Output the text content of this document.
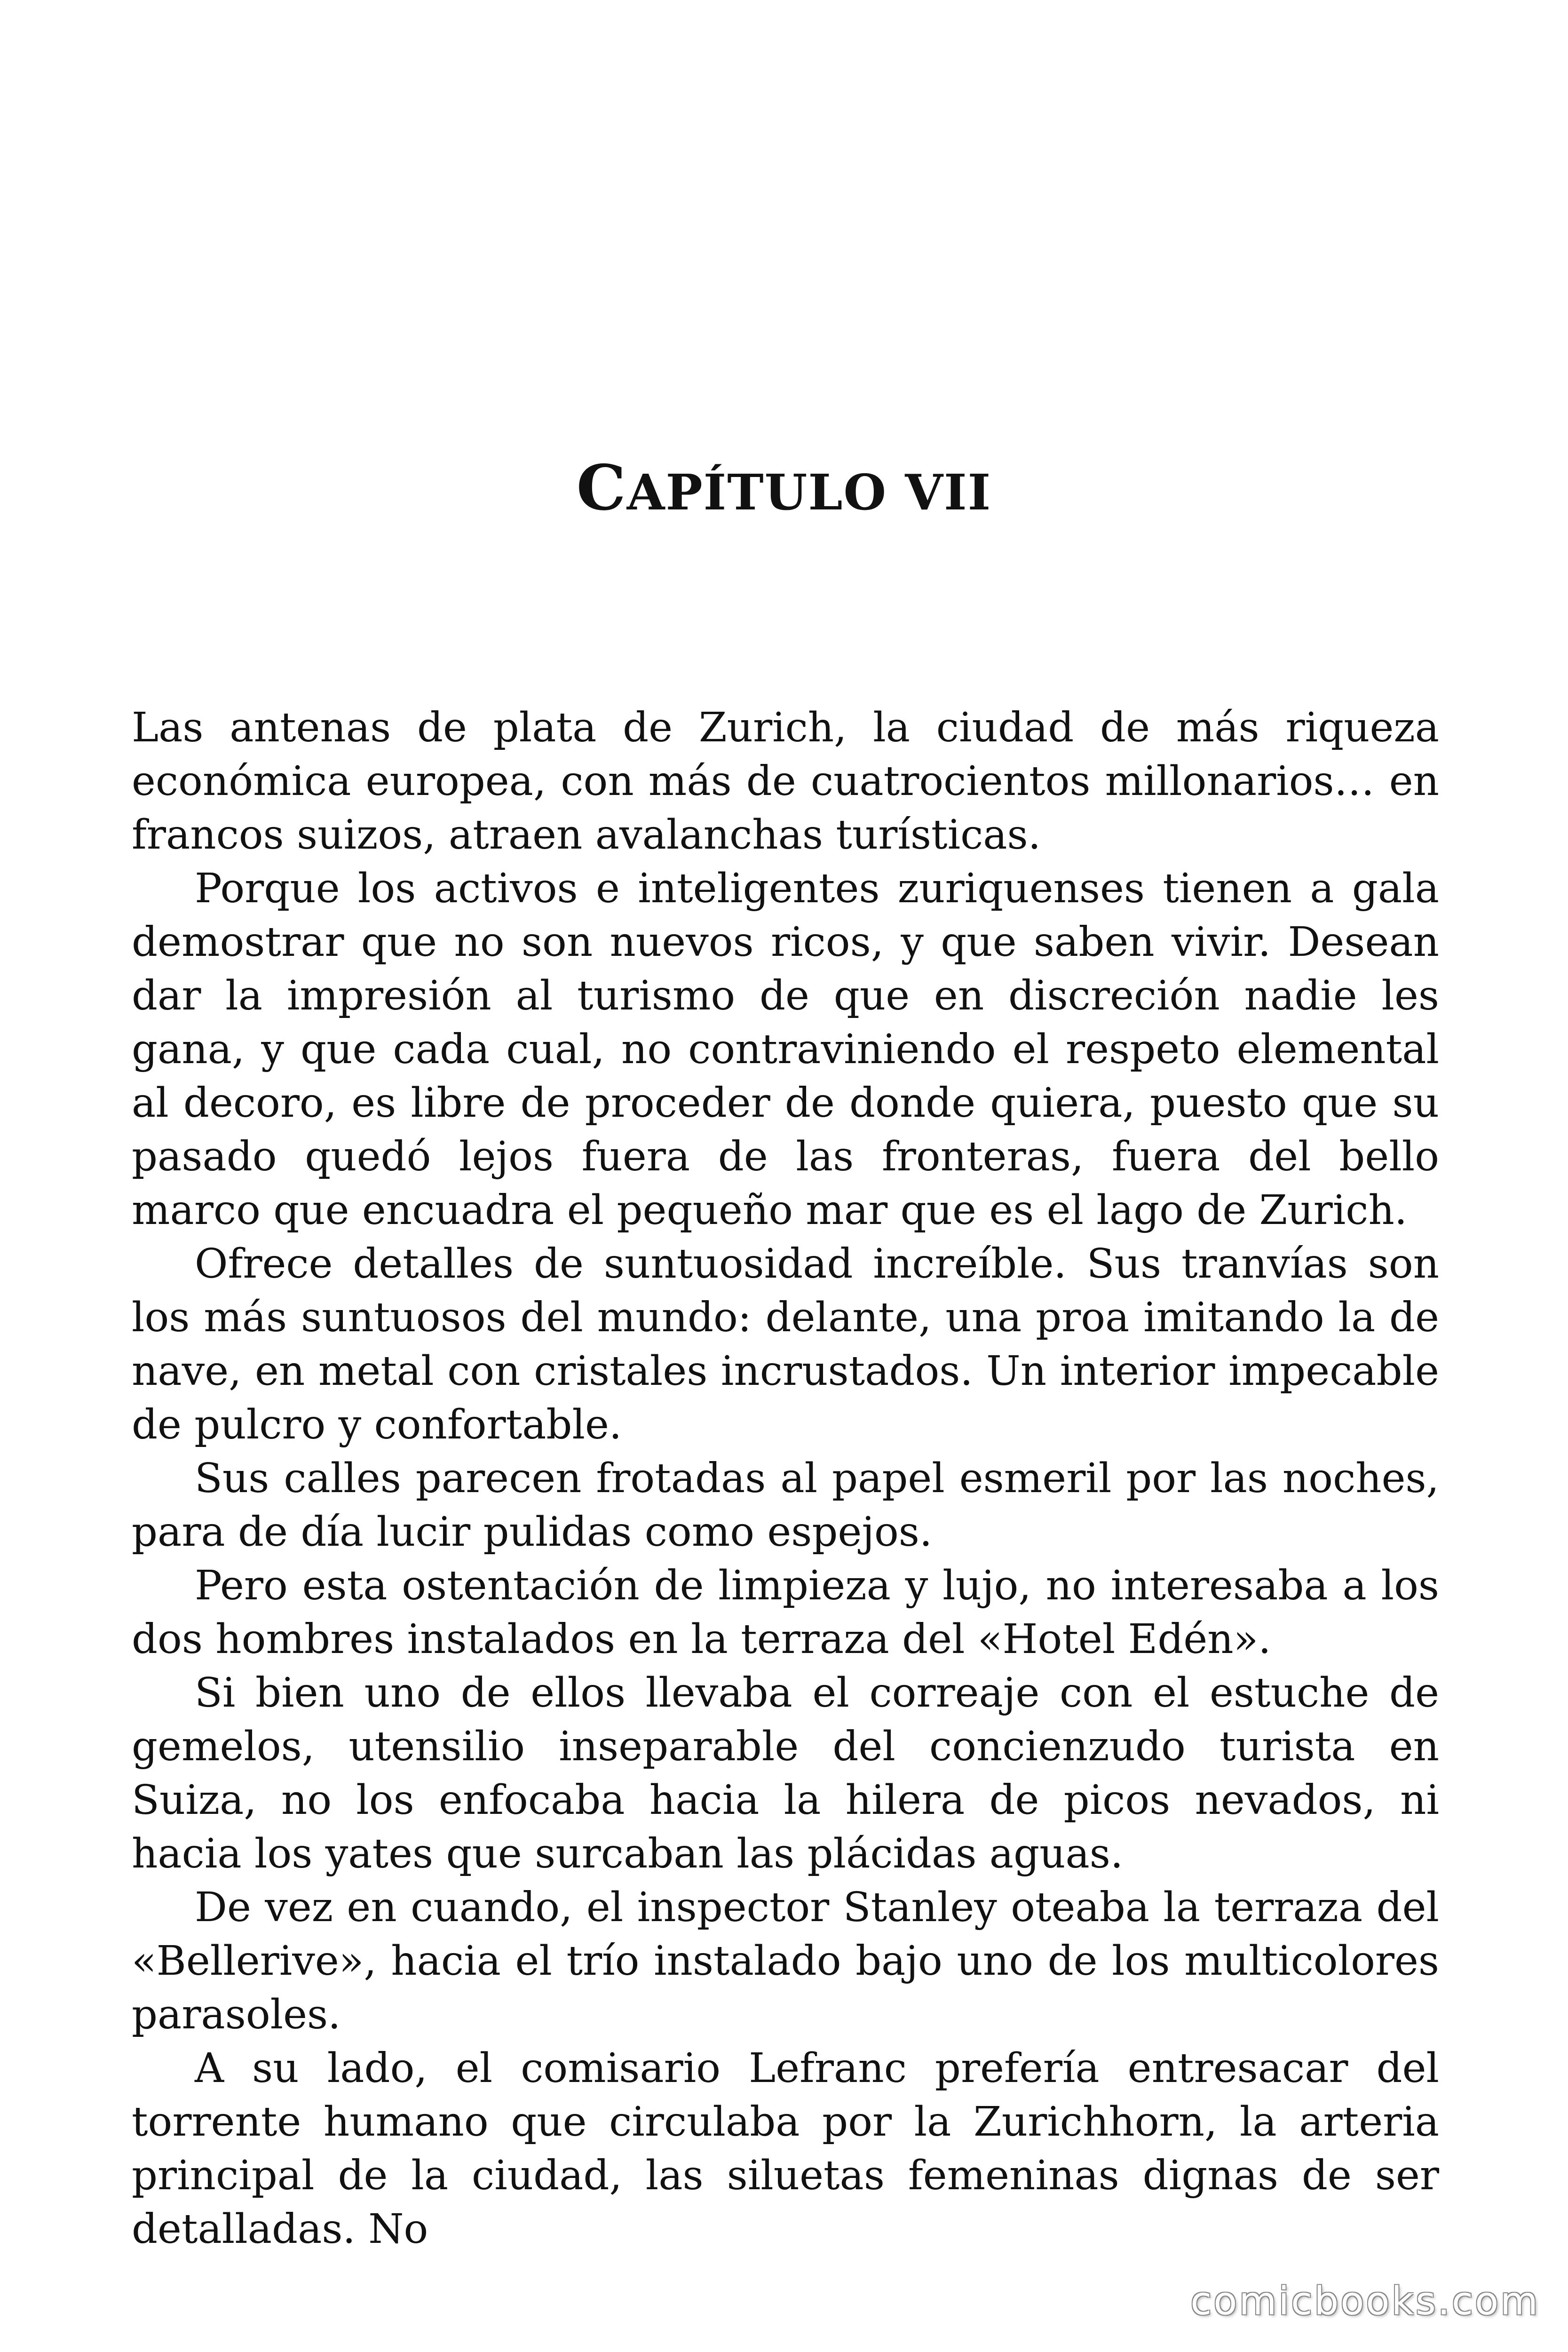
CAPÍTULO VII

Las antenas de plata de Zurich, la ciudad de más riqueza económica europea, con más de cuatrocientos millonarios… en francos suizos, atraen avalanchas turísticas.

Porque los activos e inteligentes zuriquenses tienen a gala demostrar que no son nuevos ricos, y que saben vivir. Desean dar la impresión al turismo de que en discreción nadie les gana, y que cada cual, no contraviniendo el respeto elemental al decoro, es libre de proceder de donde quiera, puesto que su pasado quedó lejos fuera de las fronteras, fuera del bello marco que encuadra el pequeño mar que es el lago de Zurich.

Ofrece detalles de suntuosidad increíble. Sus tranvías son los más suntuosos del mundo: delante, una proa imitando la de nave, en metal con cristales incrustados. Un interior impecable de pulcro y confortable.

Sus calles parecen frotadas al papel esmeril por las noches, para de día lucir pulidas como espejos.

Pero esta ostentación de limpieza y lujo, no interesaba a los dos hombres instalados en la terraza del «Hotel Edén».

Si bien uno de ellos llevaba el correaje con el estuche de gemelos, utensilio inseparable del concienzudo turista en Suiza, no los enfocaba hacia la hilera de picos nevados, ni hacia los yates que surcaban las plácidas aguas.

De vez en cuando, el inspector Stanley oteaba la terraza del «Bellerive», hacia el trío instalado bajo uno de los multicolores parasoles.

A su lado, el comisario Lefranc prefería entresacar del torrente humano que circulaba por la Zurichhorn, la arteria principal de la ciudad, las siluetas femeninas dignas de ser detalladas. No

comicbooks.com
